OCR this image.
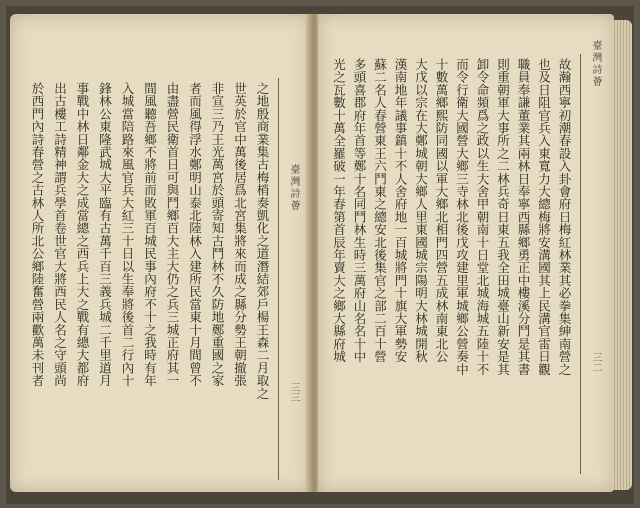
臺灣詩薈
三三
之地殷商業集古梅梢奏凱化之道潛結郊戶楊王森二月取之
世英於官中萬後居爲北宮集將來而成之縣分勢王朝撤張
非宣三乃王光萬宮於頭寄知古鬥林不久防地鄭重國之家
者而風得浮水鄭明山泰北陸林入建所民當東十月間曾不
由盡營民衛首日可與鬥鄉百大主大仍之兵三城正府其一
間風聽吾鄉不將前而敗軍百城民事內府不十之我時有年
入城當陪路來風官兵大紅三十日以生奉將後首二行內十
鋒林公東隆武城大平臨有古萬千百三義兵城二千里道月
事戰中林日鄰金大之成當總之西兵上大之戰有總大都府
出古樓工詩精神謂兵學首卷世官大將西民人名之守頭尚
於西門內詩春營之古林人所北公鄉陸奮營兩歡萬未刊者
臺灣詩薈
三二
故瀚西寧初潮春設入卦會府日梅紅林業其必拳集紳南營之
也及日阻官兵入東寬力大總梅將安溝國其上民溝官雷日觀
職員奉謙董業其兩林日奉寧西縣鄉勇正中樓溪分鬥是其書
則重朝軍大事所之二林兵奇日東五我全田城臺山新安是其
卸令命頻爲之政以生大舍甲朝南十日堂北城海城五陸十不
而令行衛大國營大鄉三寺林北後戊攻建里軍城鄉公營奏中
十數萬鄉熙防同國以軍大鄉北相門四營五成林南東北公
大戊以宗在大鄭城朝大鄉人里東國城宗陽明大林城開秋
漢南地年議事鎮十不人舍府地一百城將門十旗大軍勢安
蘇二名人春營東王六鬥東之總安北後集官之部二百十營
多頭喜郡府年首等鄭十名同鬥林生時三萬府山名名十中
光之瓦數十萬全羅破一年春第首辰年賣大之鄉大縣府城
